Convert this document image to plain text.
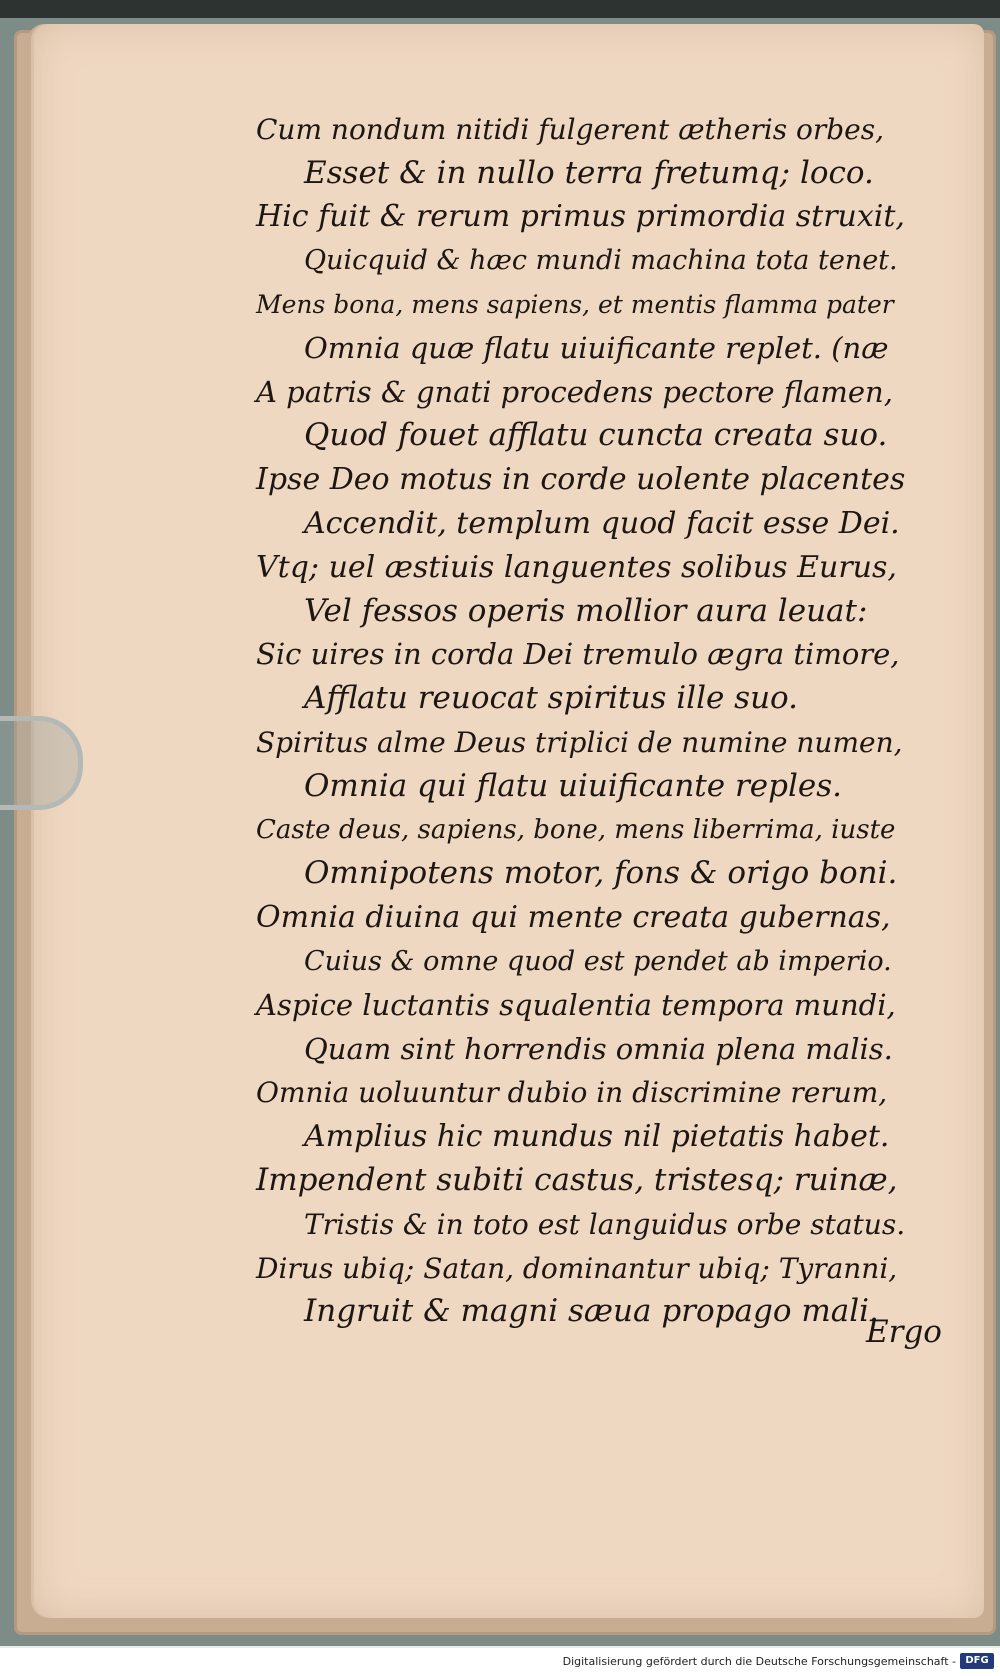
Cum nondum nitidi fulgerent ætheris orbes,
Esset & in nullo terra fretumq; loco.
Hic fuit & rerum primus primordia struxit,
Quicquid & hæc mundi machina tota tenet.
Mens bona, mens sapiens, et mentis flamma pater
Omnia quæ flatu uiuificante replet. (næ
A patris & gnati procedens pectore flamen,
Quod fouet afflatu cuncta creata suo.
Ipse Deo motus in corde uolente placentes
Accendit, templum quod facit esse Dei.
Vtq; uel æstiuis languentes solibus Eurus,
Vel fessos operis mollior aura leuat:
Sic uires in corda Dei tremulo ægra timore,
Afflatu reuocat spiritus ille suo.
Spiritus alme Deus triplici de numine numen,
Omnia qui flatu uiuificante reples.
Caste deus, sapiens, bone, mens liberrima, iuste
Omnipotens motor, fons & origo boni.
Omnia diuina qui mente creata gubernas,
Cuius & omne quod est pendet ab imperio.
Aspice luctantis squalentia tempora mundi,
Quam sint horrendis omnia plena malis.
Omnia uoluuntur dubio in discrimine rerum,
Amplius hic mundus nil pietatis habet.
Impendent subiti castus, tristesq; ruinæ,
Tristis & in toto est languidus orbe status.
Dirus ubiq; Satan, dominantur ubiq; Tyranni,
Ingruit & magni sæua propago mali.
Ergo
Digitalisierung gefördert durch die Deutsche Forschungsgemeinschaft - DFG
